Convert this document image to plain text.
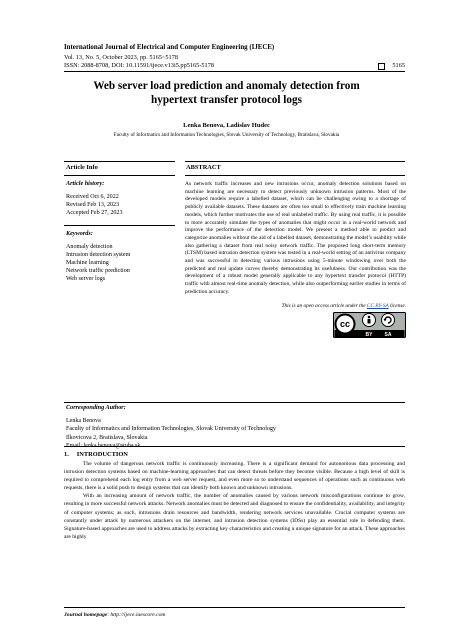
International Journal of Electrical and Computer Engineering (IJECE)
Vol. 13, No. 5, October 2023, pp. 5165~5178
ISSN: 2088-8708, DOI: 10.11591/ijece.v13i5.pp5165-5178	5165
Web server load prediction and anomaly detection from
hypertext transfer protocol logs
Lenka Benova, Ladislav Hudec
Faculty of Informatics and Information Technologies, Slovak University of Technology, Bratislava, Slovakia
Article Info	ABSTRACT
Article history:
Received Oct 6, 2022
Revised Feb 13, 2023
Accepted Feb 27, 2023
Keywords:
Anomaly detection
Intrusion detection system
Machine learning
Network traffic prediction
Web server logs
As network traffic increases and new intrusions occur, anomaly detection solutions based on machine learning are necessary to detect previously unknown intrusion patterns. Most of the developed models require a labelled dataset, which can be challenging owing to a shortage of publicly available datasets. These datasets are often too small to effectively train machine learning models, which further motivates the use of real unlabeled traffic. By using real traffic, it is possible to more accurately simulate the types of anomalies that might occur in a real-world network and improve the performance of the detection model. We present a method able to predict and categorize anomalies without the aid of a labelled dataset, demonstrating the model’s usability while also gathering a dataset from real noisy network traffic. The proposed long short-term memory (LTSM) based intrusion detection system was tested in a real-world setting of an antivirus company and was successful in detecting various intrusions using 5-minute windowing over both the predicted and real update curves thereby demonstrating its usefulness. Our contribution was the development of a robust model generally applicable to any hypertext transfer protocol (HTTP) traffic with almost real-time anomaly detection, while also outperforming earlier studies in terms of prediction accuracy.
This is an open access article under the CC BY-SA license.
cc
BY SA
Corresponding Author:
Lenka Benova
Faculty of Informatics and Information Technologies, Slovak University of Technology
Ilkovicova 2, Bratislava, Slovakia
Email: lenka.benova@stuba.sk
1.     INTRODUCTION

The volume of dangerous network traffic is continuously increasing. There is a significant demand for autonomous data processing and intrusion detection systems based on machine-learning approaches that can detect threats before they become visible. Because a high level of skill is required to comprehend each log entry from a web server request, and even more so to understand sequences of operations such as continuous web requests, there is a solid push to design systems that can identify both known and unknown intrusions.

With an increasing amount of network traffic, the number of anomalies caused by various network misconfigurations continue to grow, resulting in more successful network attacks. Network anomalies must be detected and diagnosed to ensure the confidentiality, availability, and integrity of computer systems; as such, intrusions drain resources and bandwidth, rendering network services unavailable. Crucial computer systems are constantly under attack by numerous attackers on the internet, and intrusion detection systems (IDSs) play an essential role in defending them. Signature-based approaches are used to address attacks by extracting key characteristics and creating a unique signature for an attack. These approaches are highly

Journal homepage: http://ijece.iaescore.com
